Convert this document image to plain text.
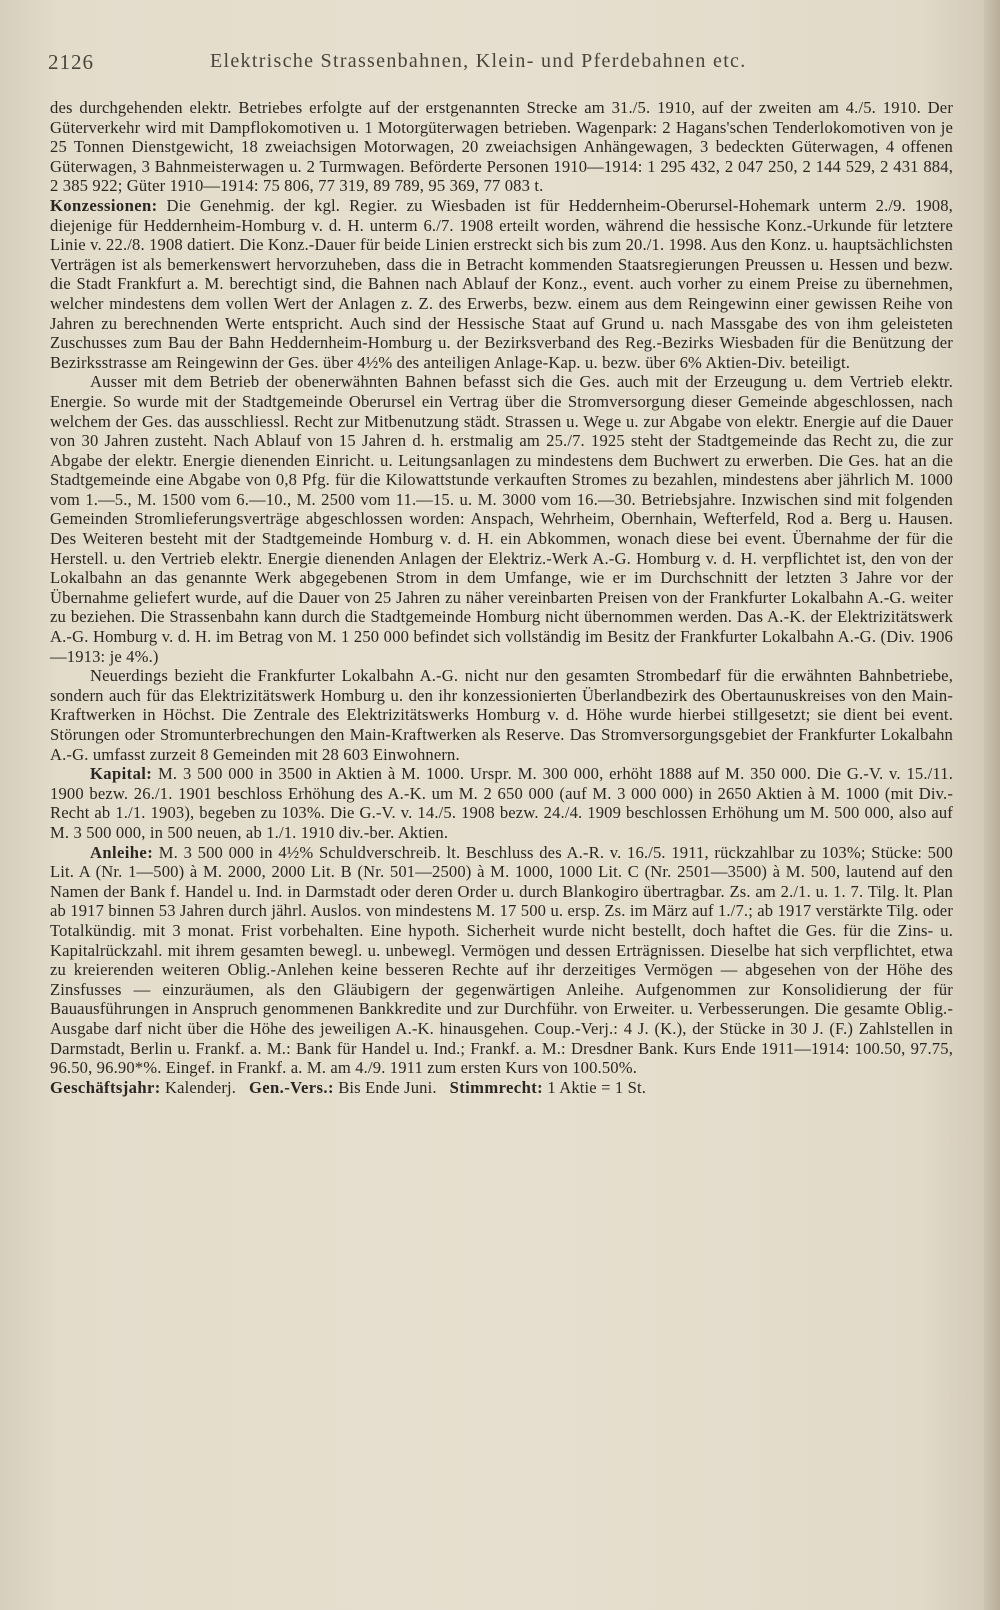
2126	Elektrische Strassenbahnen, Klein- und Pferdebahnen etc.

des durchgehenden elektr. Betriebes erfolgte auf der erstgenannten Strecke am 31./5. 1910, auf der zweiten am 4./5. 1910. Der Güterverkehr wird mit Dampflokomotiven u. 1 Motorgüterwagen betrieben. Wagenpark: 2 Hagans'schen Tenderlokomotiven von je 25 Tonnen Dienstgewicht, 18 zweiachsigen Motorwagen, 20 zweiachsigen Anhängewagen, 3 bedeckten Güterwagen, 4 offenen Güterwagen, 3 Bahnmeisterwagen u. 2 Turmwagen. Beförderte Personen 1910—1914: 1 295 432, 2 047 250, 2 144 529, 2 431 884, 2 385 922; Güter 1910—1914: 75 806, 77 319, 89 789, 95 369, 77 083 t.

Konzessionen: Die Genehmig. der kgl. Regier. zu Wiesbaden ist für Heddernheim-Oberursel-Hohemark unterm 2./9. 1908, diejenige für Heddernheim-Homburg v. d. H. unterm 6./7. 1908 erteilt worden, während die hessische Konz.-Urkunde für letztere Linie v. 22./8. 1908 datiert. Die Konz.-Dauer für beide Linien erstreckt sich bis zum 20./1. 1998. Aus den Konz. u. hauptsächlichsten Verträgen ist als bemerkenswert hervorzuheben, dass die in Betracht kommenden Staatsregierungen Preussen u. Hessen und bezw. die Stadt Frankfurt a. M. berechtigt sind, die Bahnen nach Ablauf der Konz., event. auch vorher zu einem Preise zu übernehmen, welcher mindestens dem vollen Wert der Anlagen z. Z. des Erwerbs, bezw. einem aus dem Reingewinn einer gewissen Reihe von Jahren zu berechnenden Werte entspricht. Auch sind der Hessische Staat auf Grund u. nach Massgabe des von ihm geleisteten Zuschusses zum Bau der Bahn Heddernheim-Homburg u. der Bezirksverband des Reg.-Bezirks Wiesbaden für die Benützung der Bezirksstrasse am Reingewinn der Ges. über 4½% des anteiligen Anlage-Kap. u. bezw. über 6% Aktien-Div. beteiligt.

Ausser mit dem Betrieb der obenerwähnten Bahnen befasst sich die Ges. auch mit der Erzeugung u. dem Vertrieb elektr. Energie. So wurde mit der Stadtgemeinde Oberursel ein Vertrag über die Stromversorgung dieser Gemeinde abgeschlossen, nach welchem der Ges. das ausschliessl. Recht zur Mitbenutzung städt. Strassen u. Wege u. zur Abgabe von elektr. Energie auf die Dauer von 30 Jahren zusteht. Nach Ablauf von 15 Jahren d. h. erstmalig am 25./7. 1925 steht der Stadtgemeinde das Recht zu, die zur Abgabe der elektr. Energie dienenden Einricht. u. Leitungsanlagen zu mindestens dem Buchwert zu erwerben. Die Ges. hat an die Stadtgemeinde eine Abgabe von 0,8 Pfg. für die Kilowattstunde verkauften Stromes zu bezahlen, mindestens aber jährlich M. 1000 vom 1.—5., M. 1500 vom 6.—10., M. 2500 vom 11.—15. u. M. 3000 vom 16.—30. Betriebsjahre. Inzwischen sind mit folgenden Gemeinden Stromlieferungsverträge abgeschlossen worden: Anspach, Wehrheim, Obernhain, Wefterfeld, Rod a. Berg u. Hausen. Des Weiteren besteht mit der Stadtgemeinde Homburg v. d. H. ein Abkommen, wonach diese bei event. Übernahme der für die Herstell. u. den Vertrieb elektr. Energie dienenden Anlagen der Elektriz.-Werk A.-G. Homburg v. d. H. verpflichtet ist, den von der Lokalbahn an das genannte Werk abgegebenen Strom in dem Umfange, wie er im Durchschnitt der letzten 3 Jahre vor der Übernahme geliefert wurde, auf die Dauer von 25 Jahren zu näher vereinbarten Preisen von der Frankfurter Lokalbahn A.-G. weiter zu beziehen. Die Strassenbahn kann durch die Stadtgemeinde Homburg nicht übernommen werden. Das A.-K. der Elektrizitätswerk A.-G. Homburg v. d. H. im Betrag von M. 1 250 000 befindet sich vollständig im Besitz der Frankfurter Lokalbahn A.-G. (Div. 1906—1913: je 4%.)

Neuerdings bezieht die Frankfurter Lokalbahn A.-G. nicht nur den gesamten Strombedarf für die erwähnten Bahnbetriebe, sondern auch für das Elektrizitätswerk Homburg u. den ihr konzessionierten Überlandbezirk des Obertaunuskreises von den Main-Kraftwerken in Höchst. Die Zentrale des Elektrizitätswerks Homburg v. d. Höhe wurde hierbei stillgesetzt; sie dient bei event. Störungen oder Stromunterbrechungen den Main-Kraftwerken als Reserve. Das Stromversorgungsgebiet der Frankfurter Lokalbahn A.-G. umfasst zurzeit 8 Gemeinden mit 28 603 Einwohnern.

Kapital: M. 3 500 000 in 3500 in Aktien à M. 1000. Urspr. M. 300 000, erhöht 1888 auf M. 350 000. Die G.-V. v. 15./11. 1900 bezw. 26./1. 1901 beschloss Erhöhung des A.-K. um M. 2 650 000 (auf M. 3 000 000) in 2650 Aktien à M. 1000 (mit Div.-Recht ab 1./1. 1903), begeben zu 103%. Die G.-V. v. 14./5. 1908 bezw. 24./4. 1909 beschlossen Erhöhung um M. 500 000, also auf M. 3 500 000, in 500 neuen, ab 1./1. 1910 div.-ber. Aktien.

Anleihe: M. 3 500 000 in 4½% Schuldverschreib. lt. Beschluss des A.-R. v. 16./5. 1911, rückzahlbar zu 103%; Stücke: 500 Lit. A (Nr. 1—500) à M. 2000, 2000 Lit. B (Nr. 501—2500) à M. 1000, 1000 Lit. C (Nr. 2501—3500) à M. 500, lautend auf den Namen der Bank f. Handel u. Ind. in Darmstadt oder deren Order u. durch Blankogiro übertragbar. Zs. am 2./1. u. 1. 7. Tilg. lt. Plan ab 1917 binnen 53 Jahren durch jährl. Auslos. von mindestens M. 17 500 u. ersp. Zs. im März auf 1./7.; ab 1917 verstärkte Tilg. oder Totalkündig. mit 3 monat. Frist vorbehalten. Eine hypoth. Sicherheit wurde nicht bestellt, doch haftet die Ges. für die Zins- u. Kapitalrückzahl. mit ihrem gesamten bewegl. u. unbewegl. Vermögen und dessen Erträgnissen. Dieselbe hat sich verpflichtet, etwa zu kreierenden weiteren Oblig.-Anlehen keine besseren Rechte auf ihr derzeitiges Vermögen — abgesehen von der Höhe des Zinsfusses — einzuräumen, als den Gläubigern der gegenwärtigen Anleihe. Aufgenommen zur Konsolidierung der für Bauausführungen in Anspruch genommenen Bankkredite und zur Durchführ. von Erweiter. u. Verbesserungen. Die gesamte Oblig.-Ausgabe darf nicht über die Höhe des jeweiligen A.-K. hinausgehen. Coup.-Verj.: 4 J. (K.), der Stücke in 30 J. (F.) Zahlstellen in Darmstadt, Berlin u. Frankf. a. M.: Bank für Handel u. Ind.; Frankf. a. M.: Dresdner Bank. Kurs Ende 1911—1914: 100.50, 97.75, 96.50, 96.90*%. Eingef. in Frankf. a. M. am 4./9. 1911 zum ersten Kurs von 100.50%.

Geschäftsjahr: Kalenderj. Gen.-Vers.: Bis Ende Juni. Stimmrecht: 1 Aktie = 1 St.
